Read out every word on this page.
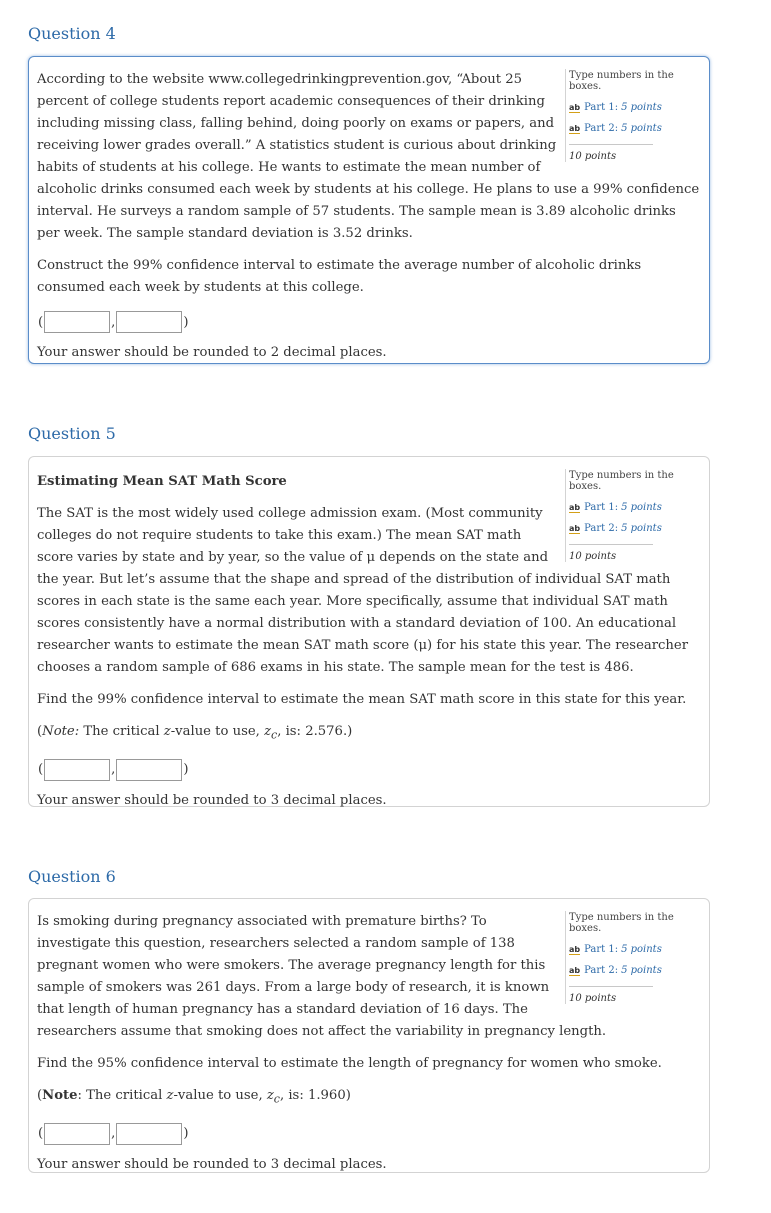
Question 4
Type numbers in the boxes.
ab Part 1: 5 points
ab Part 2: 5 points
10 points

According to the website www.collegedrinkingprevention.gov, “About 25 percent of college students report academic consequences of their drinking including missing class, falling behind, doing poorly on exams or papers, and receiving lower grades overall.” A statistics student is curious about drinking habits of students at his college. He wants to estimate the mean number of alcoholic drinks consumed each week by students at his college. He plans to use a 99% confidence interval. He surveys a random sample of 57 students. The sample mean is 3.89 alcoholic drinks per week. The sample standard deviation is 3.52 drinks.

Construct the 99% confidence interval to estimate the average number of alcoholic drinks consumed each week by students at this college.

(	,	)

Your answer should be rounded to 2 decimal places.

Question 5
Type numbers in the boxes.
ab Part 1: 5 points
ab Part 2: 5 points
10 points

Estimating Mean SAT Math Score

The SAT is the most widely used college admission exam. (Most community colleges do not require students to take this exam.) The mean SAT math score varies by state and by year, so the value of μ depends on the state and the year. But let’s assume that the shape and spread of the distribution of individual SAT math scores in each state is the same each year. More specifically, assume that individual SAT math scores consistently have a normal distribution with a standard deviation of 100. An educational researcher wants to estimate the mean SAT math score (μ) for his state this year. The researcher chooses a random sample of 686 exams in his state. The sample mean for the test is 486.

Find the 99% confidence interval to estimate the mean SAT math score in this state for this year.

(Note: The critical z-value to use, $z_c$, is: 2.576.)

(	,	)

Your answer should be rounded to 3 decimal places.

Question 6
Type numbers in the boxes.
ab Part 1: 5 points
ab Part 2: 5 points
10 points

Is smoking during pregnancy associated with premature births? To investigate this question, researchers selected a random sample of 138 pregnant women who were smokers. The average pregnancy length for this sample of smokers was 261 days. From a large body of research, it is known that length of human pregnancy has a standard deviation of 16 days. The researchers assume that smoking does not affect the variability in pregnancy length.

Find the 95% confidence interval to estimate the length of pregnancy for women who smoke.

(Note: The critical z-value to use, $z_c$, is: 1.960)

(	,	)

Your answer should be rounded to 3 decimal places.
